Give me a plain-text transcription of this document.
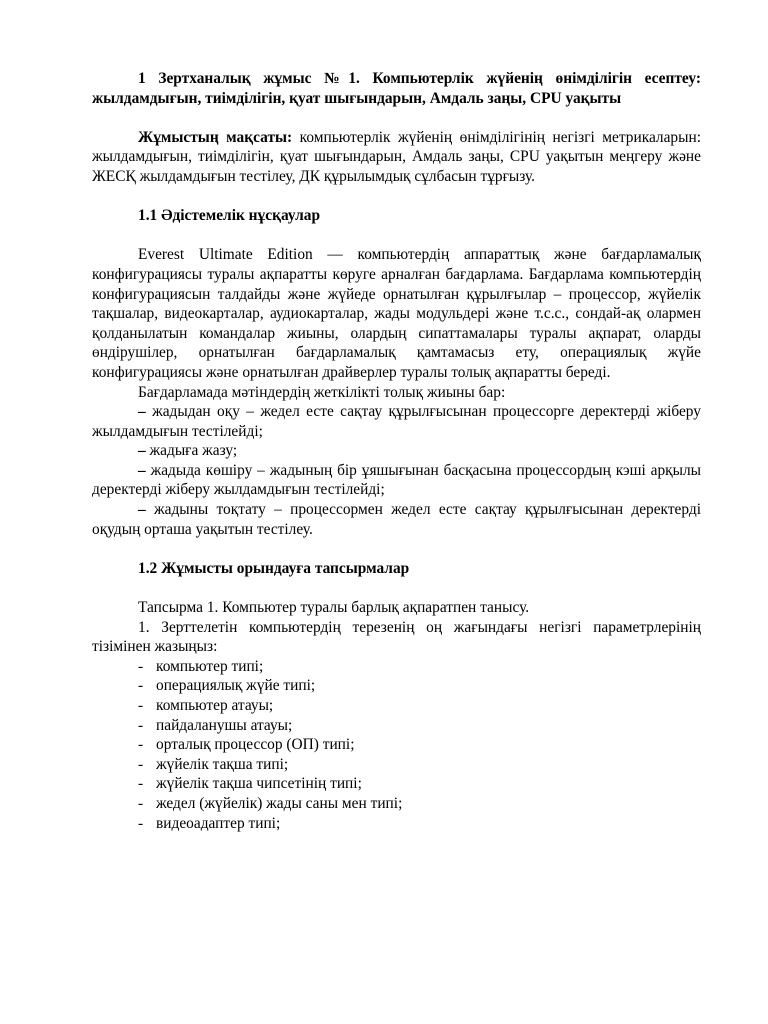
1 Зертханалық жұмыс №1. Компьютерлік жүйенің өнімділігін есептеу: жылдамдығын, тиімділігін, қуат шығындарын, Амдаль заңы, CPU уақыты

Жұмыстың мақсаты: компьютерлік жүйенің өнімділігінің негізгі метрикаларын: жылдамдығын, тиімділігін, қуат шығындарын, Амдаль заңы, CPU уақытын меңгеру және ЖЕСҚ жылдамдығын тестілеу, ДК құрылымдық сұлбасын тұрғызу.

1.1 Әдістемелік нұсқаулар

Everest Ultimate Edition — компьютердің аппараттық және бағдарламалық конфигурациясы туралы ақпаратты көруге арналған бағдарлама. Бағдарлама компьютердің конфигурациясын талдайды және жүйеде орнатылған құрылғылар – процессор, жүйелік тақшалар, видеокарталар, аудиокарталар, жады модульдері және т.с.с., сондай-ақ олармен қолданылатын командалар жиыны, олардың сипаттамалары туралы ақпарат, оларды өндірушілер, орнатылған бағдарламалық қамтамасыз ету, операциялық жүйе конфигурациясы және орнатылған драйверлер туралы толық ақпаратты береді.

Бағдарламада мәтіндердің жеткілікті толық жиыны бар:

– жадыдан оқу – жедел есте сақтау құрылғысынан процессорге деректерді жіберу жылдамдығын тестілейді;

– жадыға жазу;

– жадыда көшіру – жадының бір ұяшығынан басқасына процессордың кэші арқылы деректерді жіберу жылдамдығын тестілейді;

– жадыны тоқтату – процессормен жедел есте сақтау құрылғысынан деректерді оқудың орташа уақытын тестілеу.

1.2 Жұмысты орындауға тапсырмалар

Тапсырма 1. Компьютер туралы барлық ақпаратпен танысу.

1. Зерттелетін компьютердің терезенің оң жағындағы негізгі параметрлерінің тізімінен жазыңыз:

- компьютер типі;
- операциялық жүйе типі;
- компьютер атауы;
- пайдаланушы атауы;
- орталық процессор (ОП) типі;
- жүйелік тақша типі;
- жүйелік тақша чипсетінің типі;
- жедел (жүйелік) жады саны мен типі;
- видеоадаптер типі;
